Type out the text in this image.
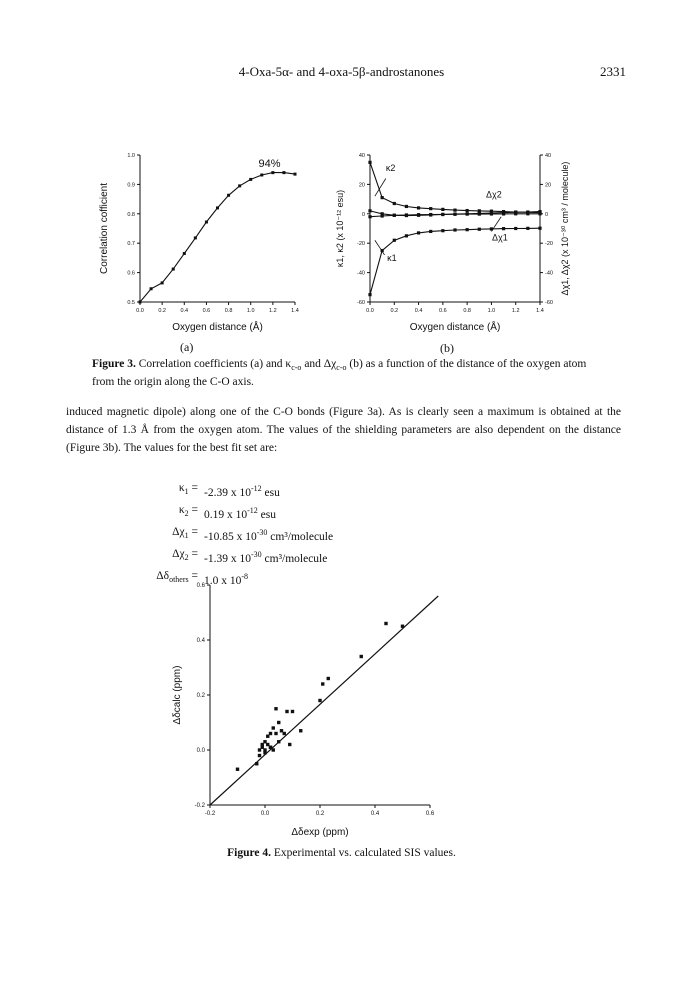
4-Oxa-5α- and 4-oxa-5β-androstanones	2331
0.0	0.2	0.4	0.6	0.8	1.0	1.2	1.4
0.5
0.6
0.7
0.8
0.9
1.0
94%
Oxygen distance (Å)
Correlation cofficient
0.0	0.2	0.4	0.6	0.8	1.0	1.2	1.4
-60
-40
-20
0
20
40
-60
-40
-20
0
20
40
κ2
Δχ2
Δχ1
κ1
Oxygen distance (Å)
κ1, κ2 (x 10⁻¹² esu)	Δχ1, Δχ2 (x 10⁻³⁰ cm³ / molecule)
(a)	(b)
Figure 3. Correlation coefficients (a) and $\kappa_{c-o}$ and $\Delta\chi_{c-o}$ (b) as a function of the distance of the oxygen atom from the origin along the C-O axis.
induced magnetic dipole) along one of the C-O bonds (Figure 3a). As is clearly seen a maximum is obtained at the distance of 1.3 Å from the oxygen atom. The values of the shielding parameters are also dependent on the distance (Figure 3b). The values for the best fit set are:
$\kappa_1 = -2.39$ x $10^{-12}$ esu
$\kappa_2 = 0.19$ x $10^{-12}$ esu
$\Delta\chi_1 = -10.85$ x $10^{-30}$ cm³/molecule
$\Delta\chi_2 = -1.39$ x $10^{-30}$ cm³/molecule
$\Delta\delta_{others} = 1.0$ x $10^{-8}$
-0.2	0.0	0.2	0.4	0.6
-0.2
0.0
0.2
0.4
0.6
Δδexp (ppm)
Δδcalc (ppm)
Figure 4. Experimental vs. calculated SIS values.
